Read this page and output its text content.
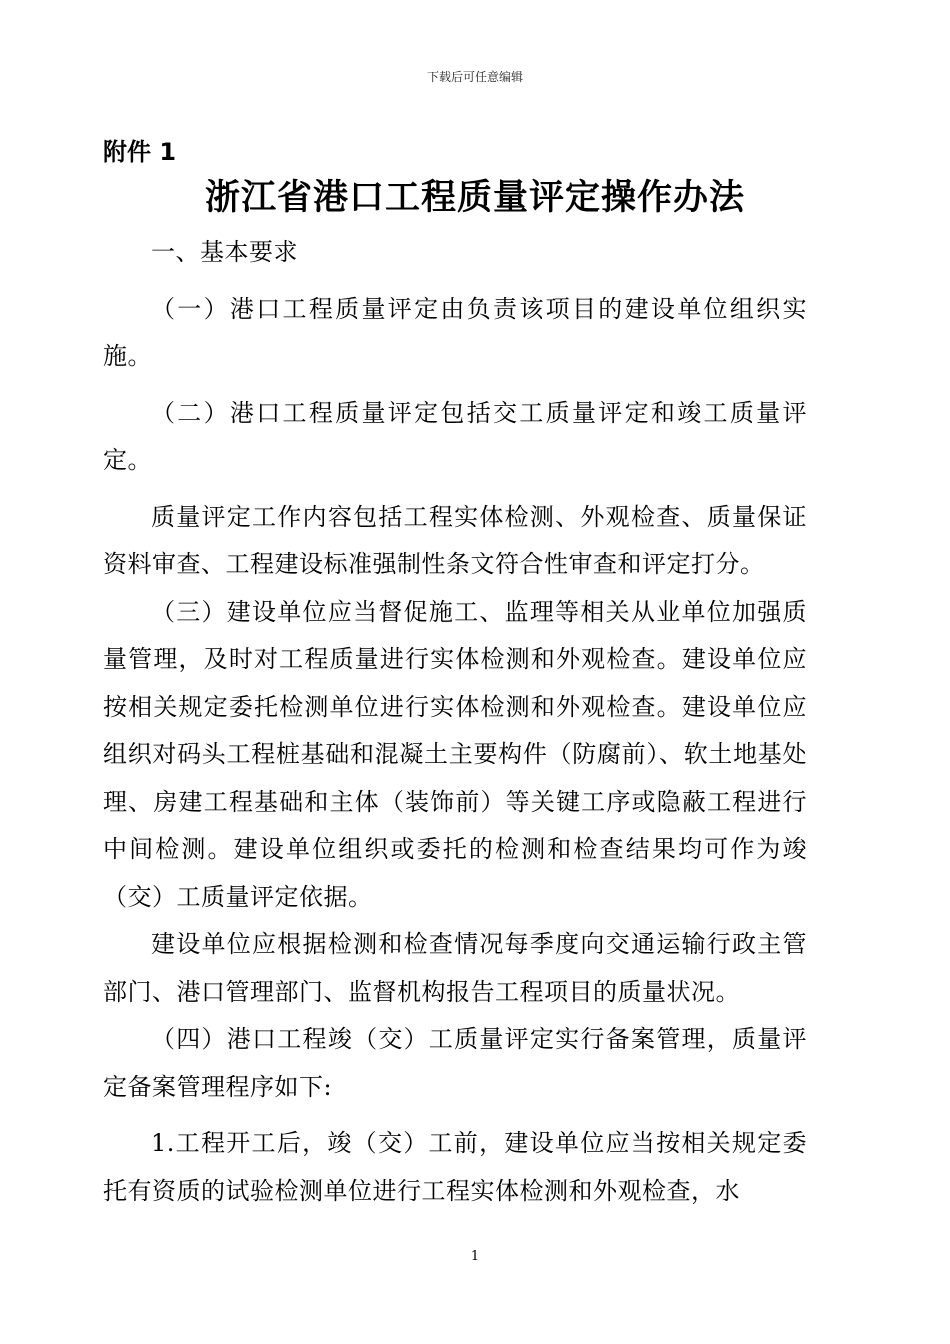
下载后可任意编辑
附件 1
浙江省港口工程质量评定操作办法

一、基本要求

（一）港口工程质量评定由负责该项目的建设单位组织实施。

（二）港口工程质量评定包括交工质量评定和竣工质量评定。

质量评定工作内容包括工程实体检测、外观检查、质量保证资料审查、工程建设标准强制性条文符合性审查和评定打分。

（三）建设单位应当督促施工、监理等相关从业单位加强质量管理，及时对工程质量进行实体检测和外观检查。建设单位应按相关规定委托检测单位进行实体检测和外观检查。建设单位应组织对码头工程桩基础和混凝土主要构件（防腐前）、软土地基处理、房建工程基础和主体（装饰前）等关键工序或隐蔽工程进行中间检测。建设单位组织或委托的检测和检查结果均可作为竣（交）工质量评定依据。

建设单位应根据检测和检查情况每季度向交通运输行政主管部门、港口管理部门、监督机构报告工程项目的质量状况。

（四）港口工程竣（交）工质量评定实行备案管理，质量评定备案管理程序如下:

1.工程开工后，竣（交）工前，建设单位应当按相关规定委托有资质的试验检测单位进行工程实体检测和外观检查，水

1
